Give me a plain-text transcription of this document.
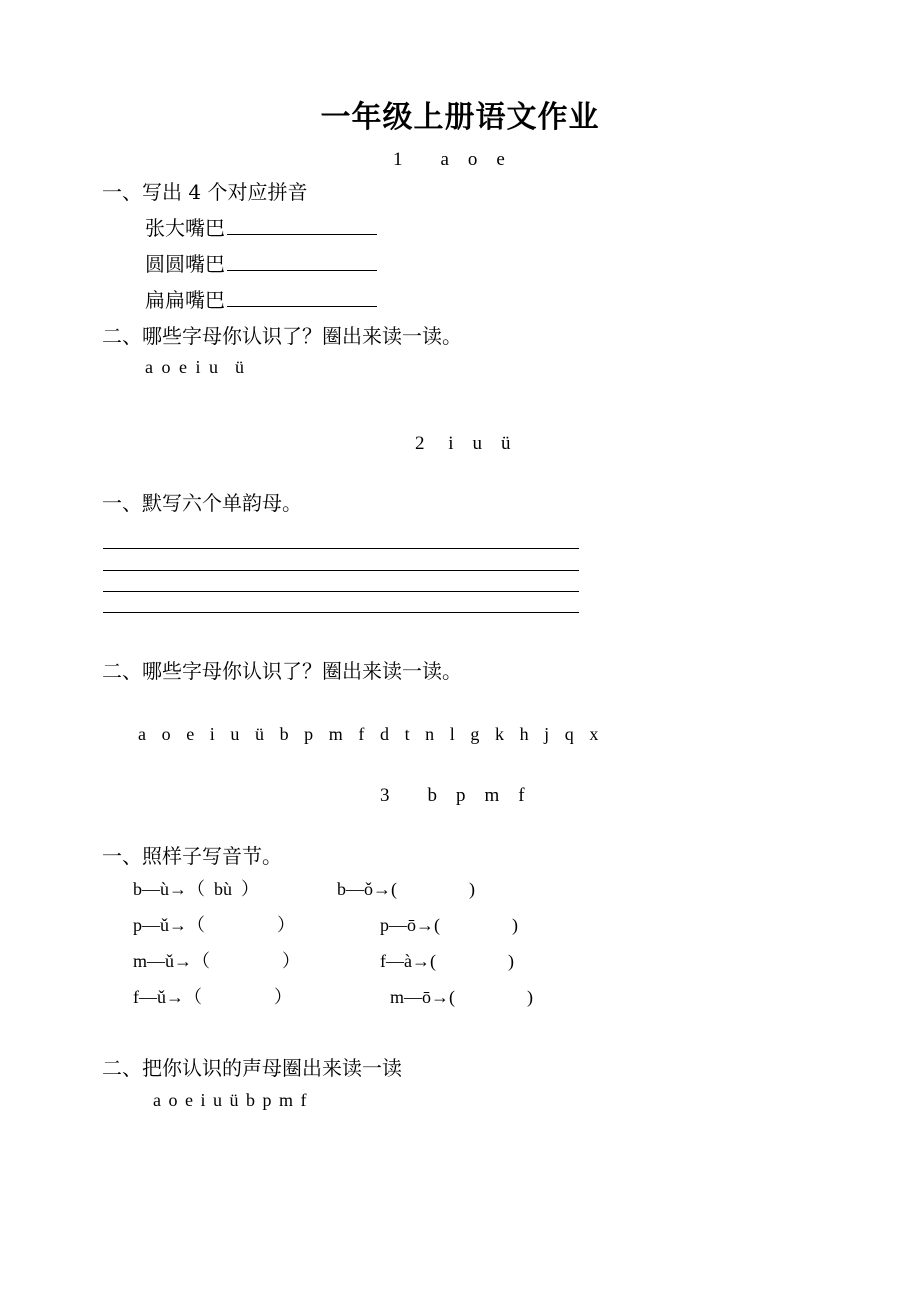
一年级上册语文作业
1　　a　o　e
一、写出 4 个对应拼音
张大嘴巴
圆圆嘴巴
扁扁嘴巴
二、哪些字母你认识了？圈出来读一读。
a o e i u  ü
2　 i　u　ü
一、默写六个单韵母。
二、哪些字母你认识了？圈出来读一读。
a　o　e　i　u　ü　b　p　m　f　d　t　n　l　g　k　h　j　q　x
3　　b　p　m　f
一、照样子写音节。
b—ù→（  bù  ）	b—ǒ→(　　　　)
p—ǔ→（　　　　）	p—ō→(　　　　)
m—ǔ→（　　　　）	f—à→(　　　　)
f—ǔ→（　　　　）	m—ō→(　　　　)
二、把你认识的声母圈出来读一读
a o e i u ü b p m f
